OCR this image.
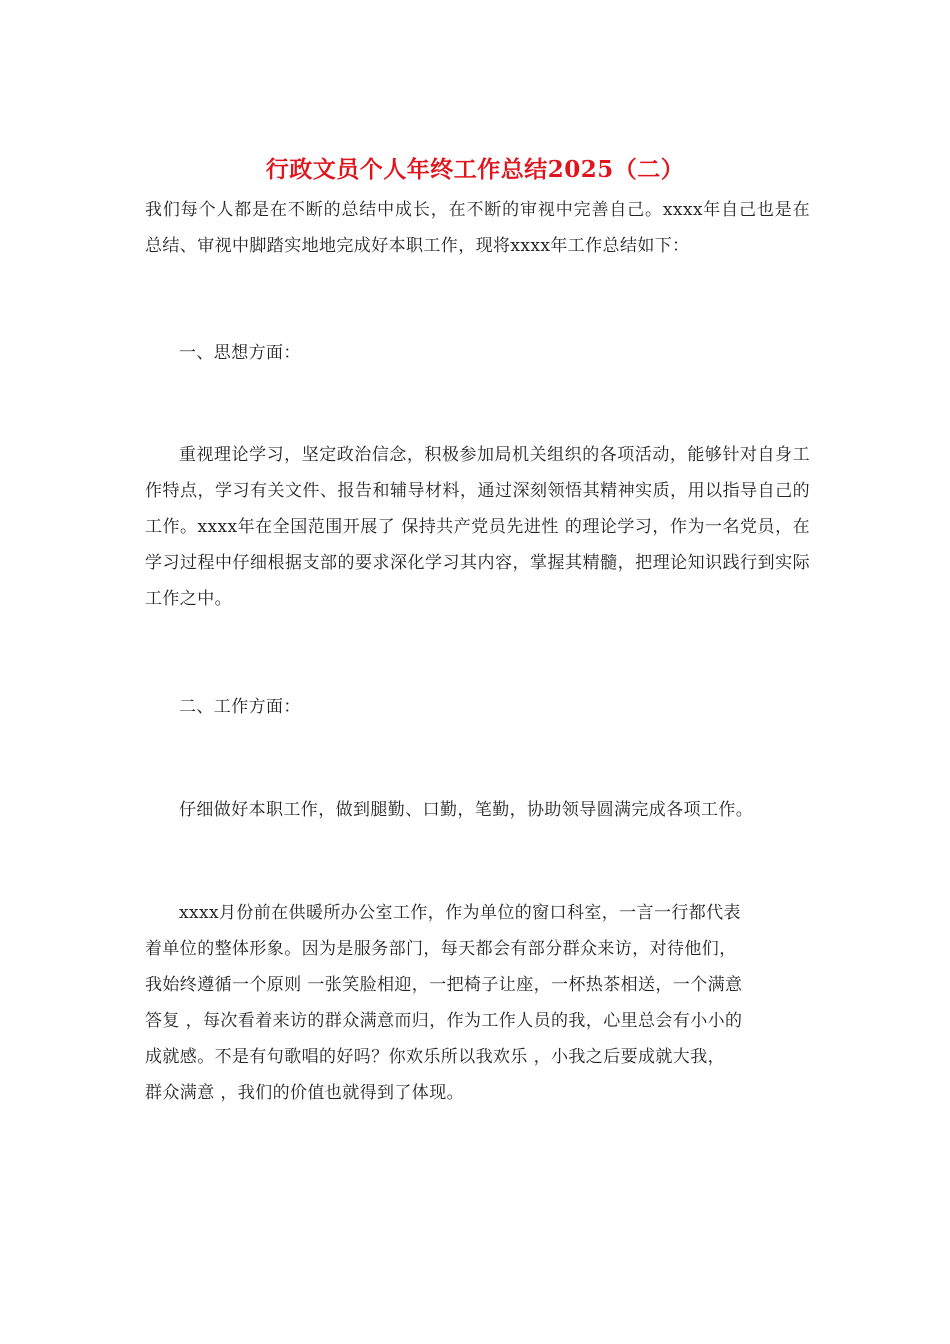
行政文员个人年终工作总结2025（二）
我们每个人都是在不断的总结中成长，在不断的审视中完善自己。xxxx年自己也是在总结、审视中脚踏实地地完成好本职工作，现将xxxx年工作总结如下：
一、思想方面：
重视理论学习，坚定政治信念，积极参加局机关组织的各项活动，能够针对自身工作特点，学习有关文件、报告和辅导材料，通过深刻领悟其精神实质，用以指导自己的工作。xxxx年在全国范围开展了 保持共产党员先进性 的理论学习，作为一名党员，在学习过程中仔细根据支部的要求深化学习其内容，掌握其精髓，把理论知识践行到实际工作之中。
二、工作方面：
仔细做好本职工作，做到腿勤、口勤，笔勤，协助领导圆满完成各项工作。
xxxx月份前在供暖所办公室工作，作为单位的窗口科室，一言一行都代表
着单位的整体形象。因为是服务部门，每天都会有部分群众来访，对待他们，
我始终遵循一个原则 一张笑脸相迎，一把椅子让座，一杯热茶相送，一个满意
答复 ，每次看着来访的群众满意而归，作为工作人员的我，心里总会有小小的
成就感。不是有句歌唱的好吗？你欢乐所以我欢乐 ，小我之后要成就大我，
群众满意 ，我们的价值也就得到了体现。
